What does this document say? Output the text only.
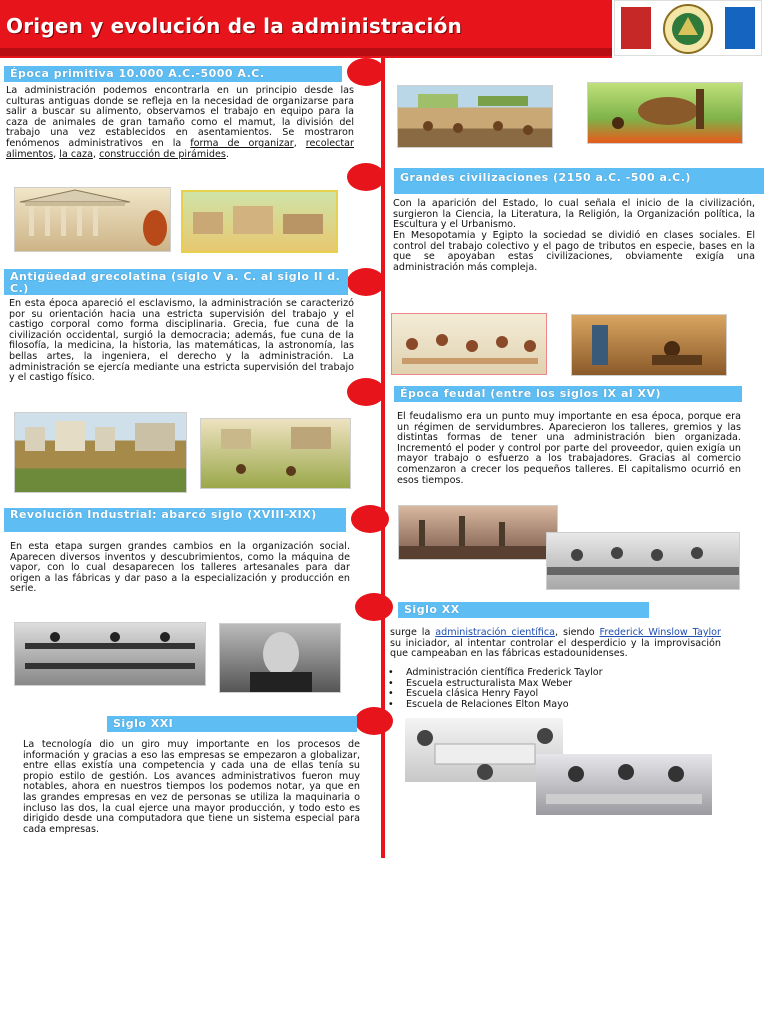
Origen y evolución de la administración
Época primitiva 10.000 A.C.-5000 A.C.

La administración podemos encontrarla en un principio desde las culturas antiguas donde se refleja en la necesidad de organizarse para salir a buscar su alimento, observamos el trabajo en equipo para la caza de animales de gran tamaño como el mamut, la división del trabajo una vez establecidos en asentamientos. Se mostraron fenómenos administrativos en la forma de organizar, recolectar alimentos, la caza, construcción de pirámides.

Grandes civilizaciones (2150 a.C. -500 a.C.)

Con la aparición del Estado, lo cual señala el inicio de la civilización, surgieron la Ciencia, la Literatura, la Religión, la Organización política, la Escultura y el Urbanismo.

En Mesopotamia y Egipto la sociedad se dividió en clases sociales. El control del trabajo colectivo y el pago de tributos en especie, bases en la que se apoyaban estas civilizaciones, obviamente exigía una administración más compleja.

Antigüedad grecolatina (siglo V a. C. al siglo II d. C.)

En esta época apareció el esclavismo, la administración se caracterizó por su orientación hacia una estricta supervisión del trabajo y el castigo corporal como forma disciplinaria. Grecia, fue cuna de la civilización occidental, surgió la democracia; además, fue cuna de la filosofía, la medicina, la historia, las matemáticas, la astronomía, las bellas artes, la ingeniera, el derecho y la administración. La administración se ejercía mediante una estricta supervisión del trabajo y el castigo físico.

Época feudal (entre los siglos IX al XV)

El feudalismo era un punto muy importante en esa época, porque era un régimen de servidumbres. Aparecieron los talleres, gremios y las distintas formas de tener una administración bien organizada. Incrementó el poder y control por parte del proveedor, quien exigía un mayor trabajo o esfuerzo a los trabajadores. Gracias al comercio comenzaron a crecer los pequeños talleres. El capitalismo ocurrió en esos tiempos.

Revolución Industrial: abarcó siglo (XVIII-XIX)

En esta etapa surgen grandes cambios en la organización social. Aparecen diversos inventos y descubrimientos, como la máquina de vapor, con lo cual desaparecen los talleres artesanales para dar origen a las fábricas y dar paso a la especialización y producción en serie.

Siglo XX

surge la administración científica, siendo Frederick Winslow Taylor su iniciador, al intentar controlar el desperdicio y la improvisación que campeaban en las fábricas estadounidenses.

• Administración científica Frederick Taylor
• Escuela estructuralista Max Weber
• Escuela clásica Henry Fayol
• Escuela de Relaciones Elton Mayo
Siglo XXI

La tecnología dio un giro muy importante en los procesos de información y gracias a eso las empresas se empezaron a globalizar, entre ellas existía una competencia y cada una de ellas tenía su propio estilo de gestión. Los avances administrativos fueron muy notables, ahora en nuestros tiempos los podemos notar, ya que en las grandes empresas en vez de personas se utiliza la maquinaria o incluso las dos, la cual ejerce una mayor producción, y todo esto es dirigido desde una computadora que tiene un sistema especial para cada empresas.
